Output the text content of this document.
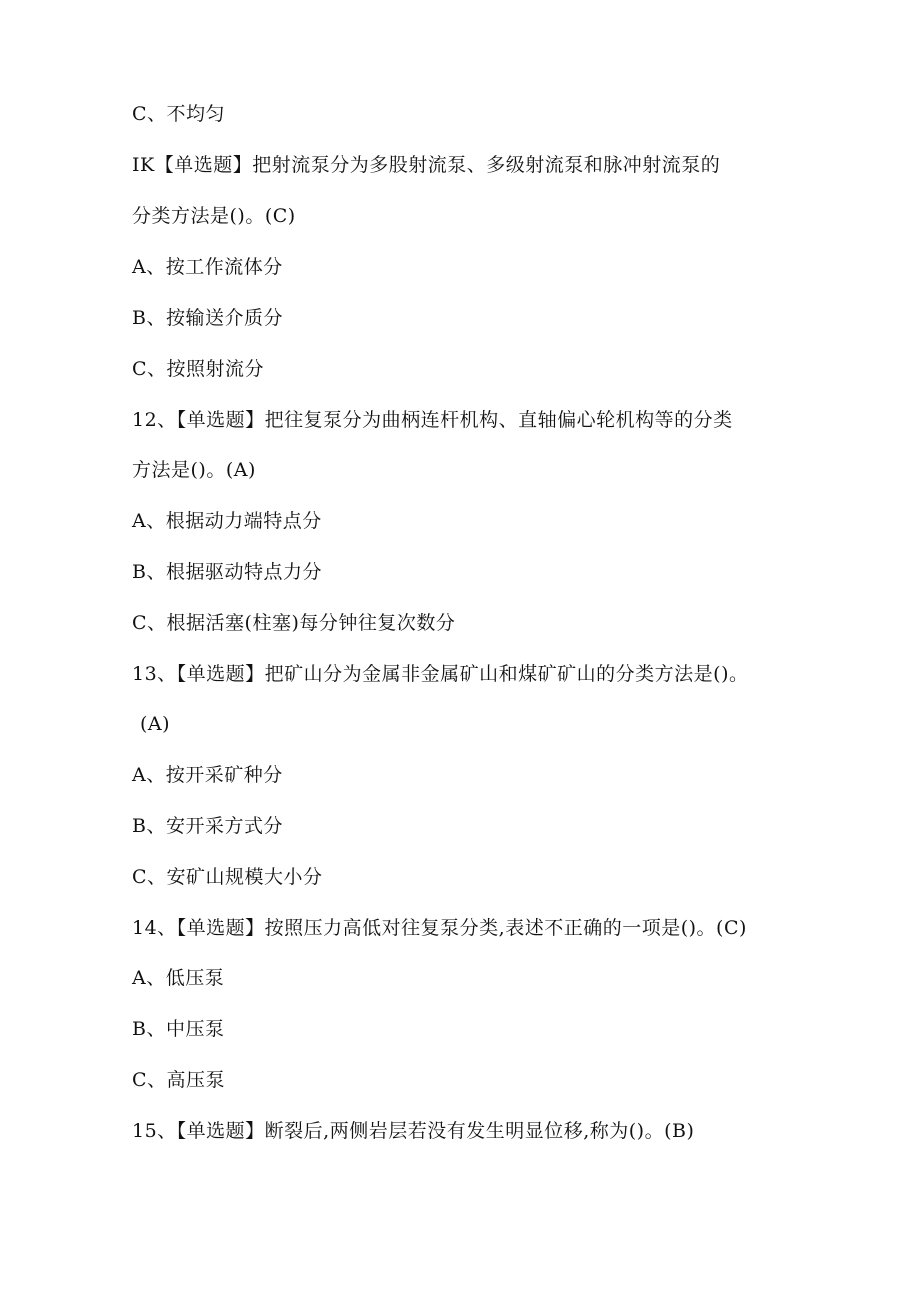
C、不均匀
IK【单选题】把射流泵分为多股射流泵、多级射流泵和脉冲射流泵的
分类方法是()。(C)
A、按工作流体分
B、按输送介质分
C、按照射流分
12、【单选题】把往复泵分为曲柄连杆机构、直轴偏心轮机构等的分类
方法是()。(A)
A、根据动力端特点分
B、根据驱动特点力分
C、根据活塞(柱塞)每分钟往复次数分
13、【单选题】把矿山分为金属非金属矿山和煤矿矿山的分类方法是()。
(A)
A、按开采矿种分
B、安开采方式分
C、安矿山规模大小分
14、【单选题】按照压力高低对往复泵分类,表述不正确的一项是()。(C)
A、低压泵
B、中压泵
C、高压泵
15、【单选题】断裂后,两侧岩层若没有发生明显位移,称为()。(B)
